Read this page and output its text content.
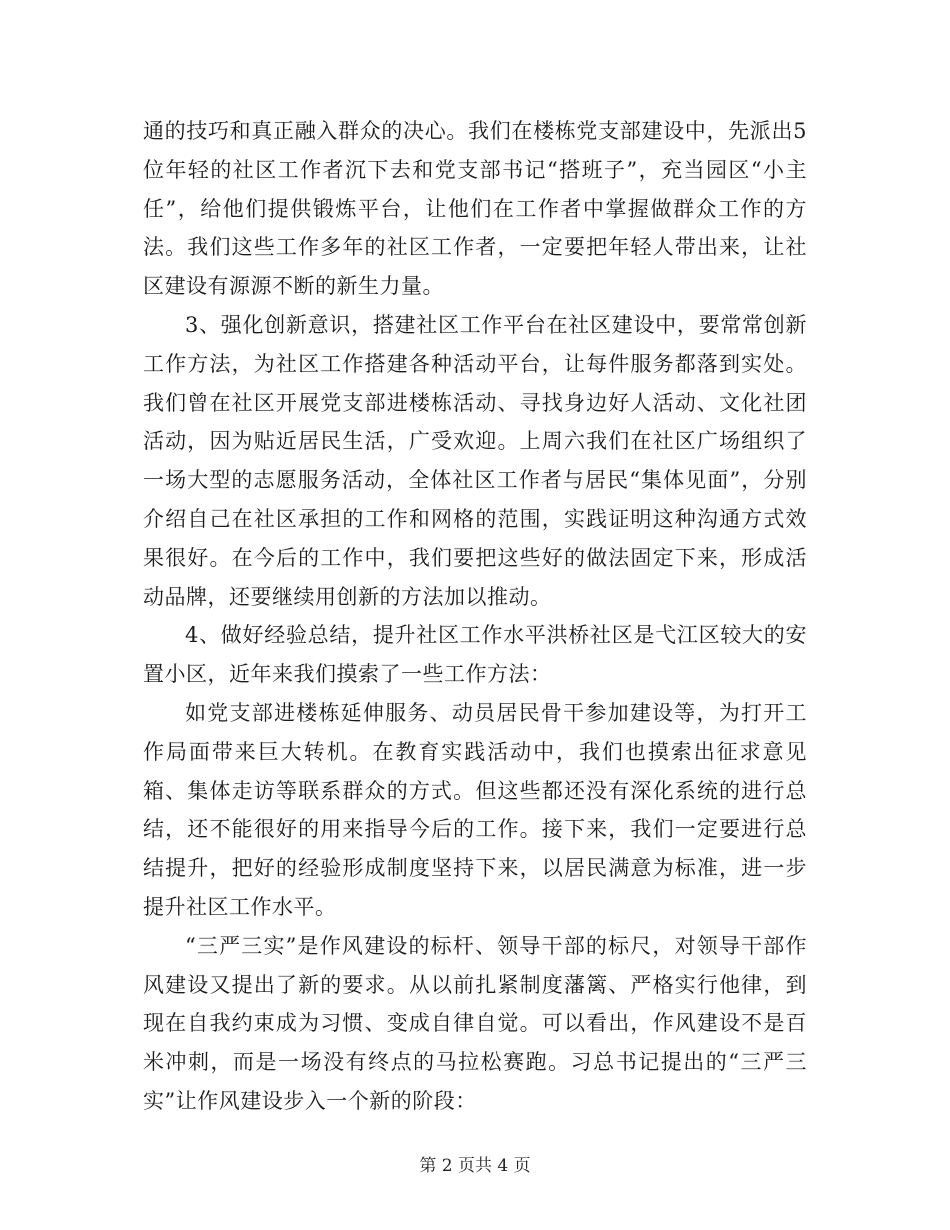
通的技巧和真正融入群众的决心。我们在楼栋党支部建设中，先派出5位年轻的社区工作者沉下去和党支部书记“搭班子”，充当园区“小主任”，给他们提供锻炼平台，让他们在工作者中掌握做群众工作的方法。我们这些工作多年的社区工作者，一定要把年轻人带出来，让社区建设有源源不断的新生力量。

3、强化创新意识，搭建社区工作平台在社区建设中，要常常创新工作方法，为社区工作搭建各种活动平台，让每件服务都落到实处。我们曾在社区开展党支部进楼栋活动、寻找身边好人活动、文化社团活动，因为贴近居民生活，广受欢迎。上周六我们在社区广场组织了一场大型的志愿服务活动，全体社区工作者与居民“集体见面”，分别介绍自己在社区承担的工作和网格的范围，实践证明这种沟通方式效果很好。在今后的工作中，我们要把这些好的做法固定下来，形成活动品牌，还要继续用创新的方法加以推动。

4、做好经验总结，提升社区工作水平洪桥社区是弋江区较大的安置小区，近年来我们摸索了一些工作方法：

如党支部进楼栋延伸服务、动员居民骨干参加建设等，为打开工作局面带来巨大转机。在教育实践活动中，我们也摸索出征求意见箱、集体走访等联系群众的方式。但这些都还没有深化系统的进行总结，还不能很好的用来指导今后的工作。接下来，我们一定要进行总结提升，把好的经验形成制度坚持下来，以居民满意为标准，进一步提升社区工作水平。

“三严三实”是作风建设的标杆、领导干部的标尺，对领导干部作风建设又提出了新的要求。从以前扎紧制度藩篱、严格实行他律，到现在自我约束成为习惯、变成自律自觉。可以看出，作风建设不是百米冲刺，而是一场没有终点的马拉松赛跑。习总书记提出的“三严三实”让作风建设步入一个新的阶段：

第 2 页共 4 页
